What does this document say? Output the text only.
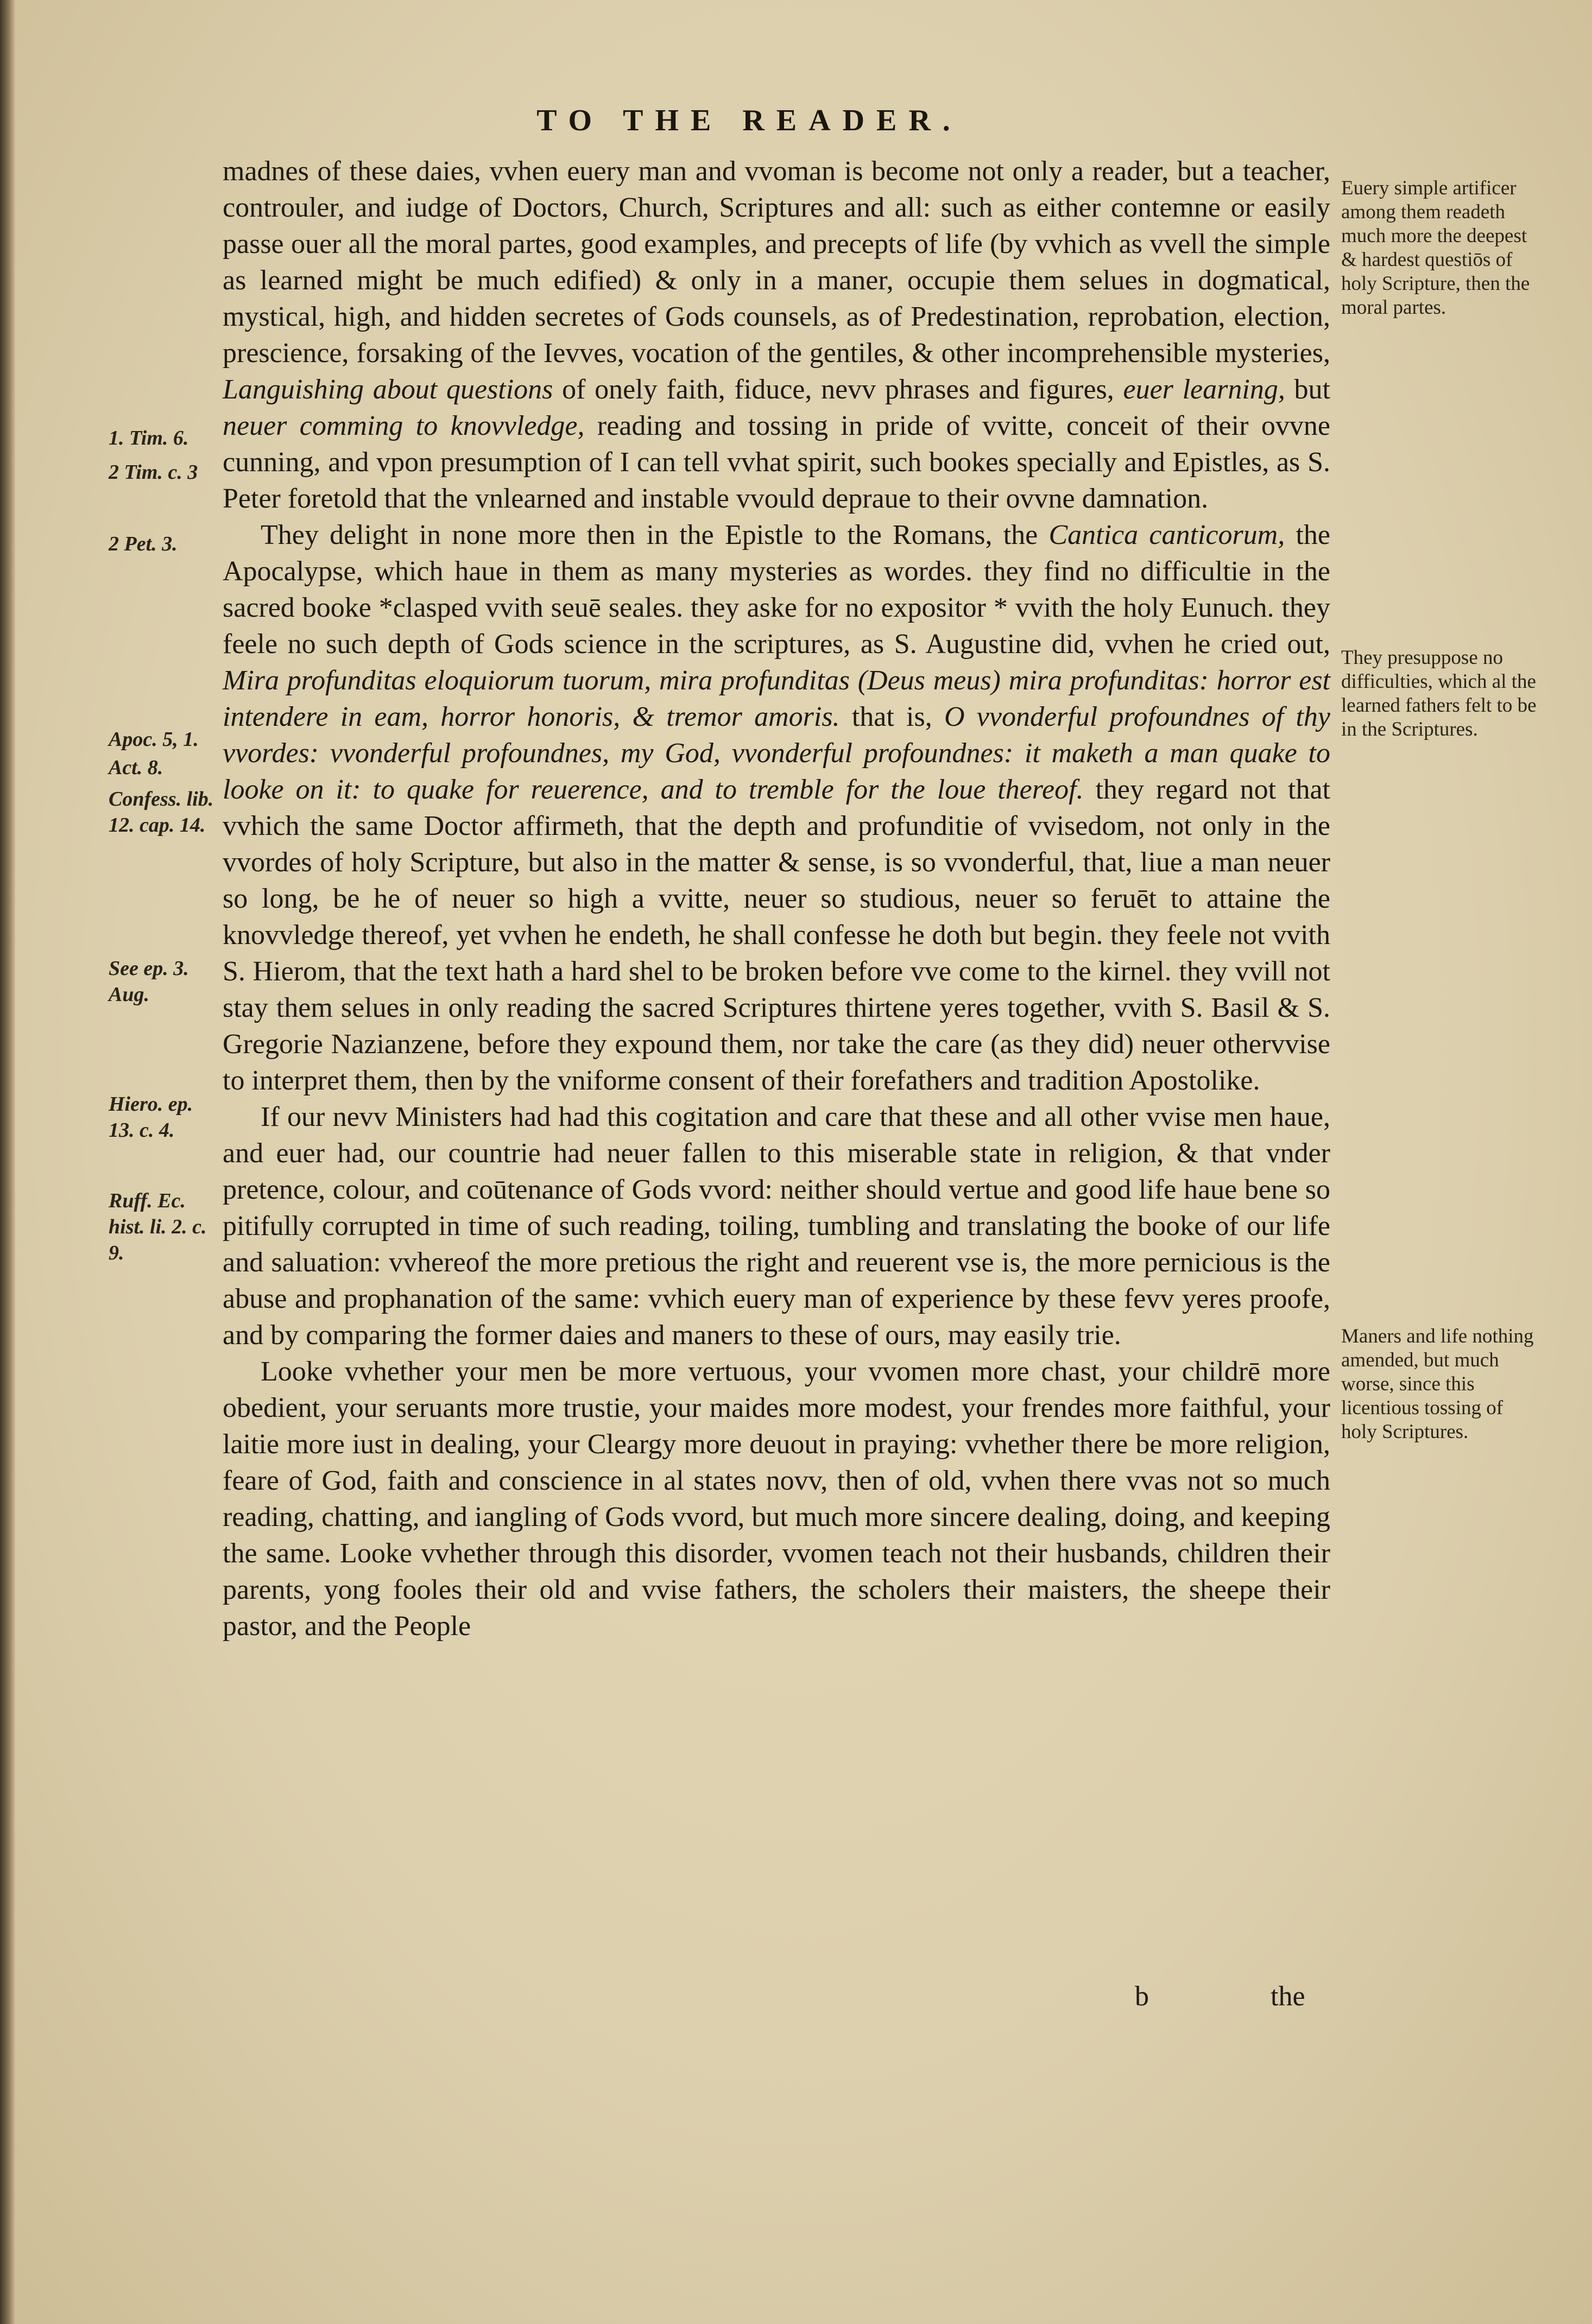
TO THE READER.

madnes of these daies, vvhen euery man and vvoman is become not only a reader, but a teacher, controuler, and iudge of Doctors, Church, Scriptures and all: such as either contemne or easily passe ouer all the moral partes, good examples, and precepts of life (by vvhich as vvell the simple as learned might be much edified) & only in a maner, occupie them selues in dogmatical, mystical, high, and hidden secretes of Gods counsels, as of Predestination, reprobation, election, prescience, forsaking of the Ievves, vocation of the gentiles, & other incomprehensible mysteries, Languishing about questions of onely faith, fiduce, nevv phrases and figures, euer learning, but neuer comming to knovvledge, reading and tossing in pride of vvitte, conceit of their ovvne cunning, and vpon presumption of I can tell vvhat spirit, such bookes specially and Epistles, as S. Peter foretold that the vnlearned and instable vvould depraue to their ovvne damnation.

They delight in none more then in the Epistle to the Romans, the Cantica canticorum, the Apocalypse, which haue in them as many mysteries as wordes. they find no difficultie in the sacred booke *clasped vvith seuē seales. they aske for no expositor * vvith the holy Eunuch. they feele no such depth of Gods science in the scriptures, as S. Augustine did, vvhen he cried out, Mira profunditas eloquiorum tuorum, mira profunditas (Deus meus) mira profunditas: horror est intendere in eam, horror honoris, & tremor amoris. that is, O vvonderful profoundnes of thy vvordes: vvonderful profoundnes, my God, vvonderful profoundnes: it maketh a man quake to looke on it: to quake for reuerence, and to tremble for the loue thereof. they regard not that vvhich the same Doctor affirmeth, that the depth and profunditie of vvisedom, not only in the vvordes of holy Scripture, but also in the matter & sense, is so vvonderful, that, liue a man neuer so long, be he of neuer so high a vvitte, neuer so studious, neuer so feruēt to attaine the knovvledge thereof, yet vvhen he endeth, he shall confesse he doth but begin. they feele not vvith S. Hierom, that the text hath a hard shel to be broken before vve come to the kirnel. they vvill not stay them selues in only reading the sacred Scriptures thirtene yeres together, vvith S. Basil & S. Gregorie Nazianzene, before they expound them, nor take the care (as they did) neuer othervvise to interpret them, then by the vniforme consent of their forefathers and tradition Apostolike.

If our nevv Ministers had had this cogitation and care that these and all other vvise men haue, and euer had, our countrie had neuer fallen to this miserable state in religion, & that vnder pretence, colour, and coūtenance of Gods vvord: neither should vertue and good life haue bene so pitifully corrupted in time of such reading, toiling, tumbling and translating the booke of our life and saluation: vvhereof the more pretious the right and reuerent vse is, the more pernicious is the abuse and prophanation of the same: vvhich euery man of experience by these fevv yeres proofe, and by comparing the former daies and maners to these of ours, may easily trie.

Looke vvhether your men be more vertuous, your vvomen more chast, your childrē more obedient, your seruants more trustie, your maides more modest, your frendes more faithful, your laitie more iust in dealing, your Cleargy more deuout in praying: vvhether there be more religion, feare of God, faith and conscience in al states novv, then of old, vvhen there vvas not so much reading, chatting, and iangling of Gods vvord, but much more sincere dealing, doing, and keeping the same. Looke vvhether through this disorder, vvomen teach not their husbands, children their parents, yong fooles their old and vvise fathers, the scholers their maisters, the sheepe their pastor, and the People

1. Tim. 6.
2 Tim. c. 3
2 Pet. 3.
Apoc. 5, 1.
Act. 8.
Confess. lib. 12. cap. 14.
See ep. 3. Aug.
Hiero. ep. 13. c. 4.
Ruff. Ec. hist. li. 2. c. 9.
Euery simple artificer among them readeth much more the deepest & hardest questiōs of holy Scripture, then the moral partes.
They presuppose no difficulties, which al the learned fathers felt to be in the Scriptures.
Maners and life nothing amended, but much worse, since this licentious tossing of holy Scriptures.
b	the
